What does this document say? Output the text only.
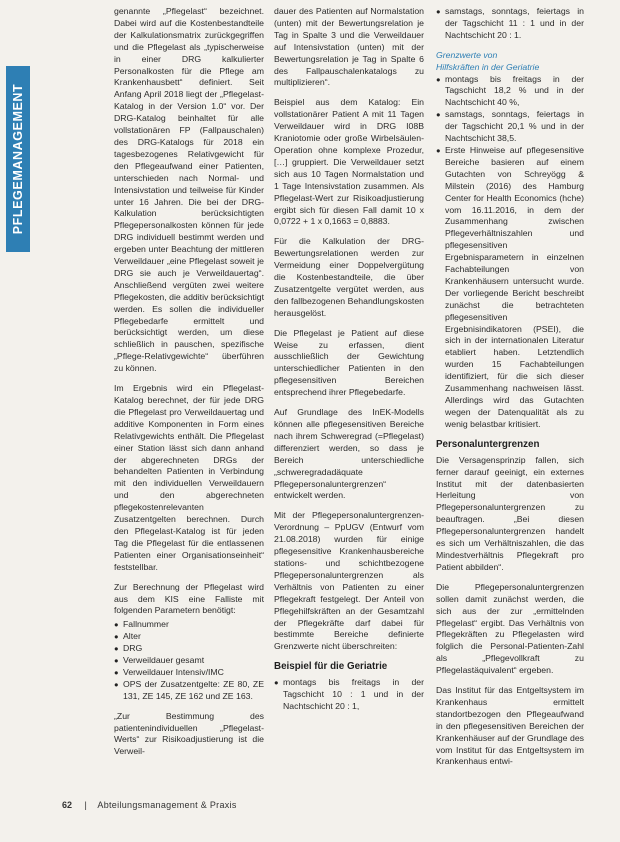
PFLEGEMANAGEMENT

genannte „Pflegelast“ bezeichnet. Dabei wird auf die Kostenbestandteile der Kalkulationsmatrix zurückgegriffen und die Pflegelast als „typischerweise in einer DRG kalkulierter Personalkosten für die Pflege am Krankenhausbett“ definiert. Seit Anfang April 2018 liegt der „Pflegelast-Katalog in der Version 1.0“ vor. Der DRG-Katalog beinhaltet für alle vollstationären FP (Fallpauschalen) des DRG-Katalogs für 2018 ein tagesbezogenes Relativgewicht für den Pflegeaufwand einer Patienten, unterschieden nach Normal- und Intensivstation und teilweise für Kinder unter 16 Jahren. Die bei der DRG-Kalkulation berücksichtigten Pflegepersonalkosten können für jede DRG individuell bestimmt werden und ergeben unter Beachtung der mittleren Verweildauer „eine Pflegelast soweit je DRG sie auch je Verweildauertag“. Anschließend vergüten zwei weitere Pflegekosten, die additiv berücksichtigt werden. Es sollen die individueller Pflegebedarfe ermittelt und berücksichtigt werden, um diese schließlich in pauschen, spezifische „Pflege-Relativgewichte“ überführen zu können.

Im Ergebnis wird ein Pflegelast-Katalog berechnet, der für jede DRG die Pflegelast pro Verweildauertag und additive Komponenten in Form eines Relativgewichts enthält. Die Pflegelast einer Station lässt sich dann anhand der abgerechneten DRGs der behandelten Patienten in Verbindung mit den individuellen Verweildauern und den abgerechneten pflegekostenrelevanten Zusatzentgelten berechnen. Durch den Pflegelast-Katalog ist für jeden Tag die Pflegelast für die entlassenen Patienten einer Organisationseinheit“ feststellbar.

Zur Berechnung der Pflegelast wird aus dem KIS eine Falliste mit folgenden Parametern benötigt:

● Fallnummer
● Alter
● DRG
● Verweildauer gesamt
● Verweildauer Intensiv/IMC
● OPS der Zusatzentgelte: ZE 80, ZE 131, ZE 145, ZE 162 und ZE 163.

„Zur Bestimmung des patientenindividuellen „Pflegelast-Werts“ zur Risikoadjustierung ist die Verweil-

dauer des Patienten auf Normalstation (unten) mit der Bewertungsrelation je Tag in Spalte 3 und die Verweildauer auf Intensivstation (unten) mit der Bewertungsrelation je Tag in Spalte 6 des Fallpauschalenkatalogs zu multiplizieren“.

Beispiel aus dem Katalog: Ein vollstationärer Patient A mit 11 Tagen Verweildauer wird in DRG I08B Kraniotomie oder große Wirbelsäulen-Operation ohne komplexe Prozedur, […] gruppiert. Die Verweildauer setzt sich aus 10 Tagen Normalstation und 1 Tage Intensivstation zusammen. Als Pflegelast-Wert zur Risikoadjustierung ergibt sich für diesen Fall damit 10 x 0,0722 + 1 x 0,1663 = 0,8883.

Für die Kalkulation der DRG-Bewertungsrelationen werden zur Vermeidung einer Doppelvergütung die Kostenbestandteile, die über Zusatzentgelte vergütet werden, aus den fallbezogenen Behandlungskosten herausgelöst.

Die Pflegelast je Patient auf diese Weise zu erfassen, dient ausschließlich der Gewichtung unterschiedlicher Patienten in den pflegesensitiven Bereichen entsprechend ihrer Pflegebedarfe.

Auf Grundlage des InEK-Modells können alle pflegesensitiven Bereiche nach ihrem Schweregrad (=Pflegelast) differenziert werden, so dass je Bereich unterschiedliche „schweregradadäquate Pflegepersonaluntergrenzen“ entwickelt werden.

Mit der Pflegepersonaluntergrenzen-Verordnung – PpUGV (Entwurf vom 21.08.2018) wurden für einige pflegesensitive Krankenhausbereiche stations- und schichtbezogene Pflegepersonaluntergrenzen als Verhältnis von Patienten zu einer Pflegekraft festgelegt. Der Anteil von Pflegehilfskräften an der Gesamtzahl der Pflegekräfte darf dabei für bestimmte Bereiche definierte Grenzwerte nicht überschreiten:

Beispiel für die Geriatrie
● montags bis freitags in der Tagschicht 10 : 1 und in der Nachtschicht 20 : 1,
● samstags, sonntags, feiertags in der Tagschicht 11 : 1 und in der Nachtschicht 20 : 1.

Grenzwerte von

Hilfskräften in der Geriatrie

● montags bis freitags in der Tagschicht 18,2 % und in der Nachtschicht 40 %,
● samstags, sonntags, feiertags in der Tagschicht 20,1 % und in der Nachtschicht 38,5.
● Erste Hinweise auf pflegesensitive Bereiche basieren auf einem Gutachten von Schreyögg & Milstein (2016) des Hamburg Center for Health Economics (hche) vom 16.11.2016, in dem der Zusammenhang zwischen Pflegeverhältniszahlen und pflegesensitiven Ergebnisparametern in einzelnen Fachabteilungen von Krankenhäusern untersucht wurde. Der vorliegende Bericht beschreibt zunächst die betrachteten pflegesensitiven Ergebnisindikatoren (PSEI), die sich in der internationalen Literatur etabliert haben. Letztendlich wurden 15 Fachabteilungen identifiziert, für die sich dieser Zusammenhang nachweisen lässt. Allerdings wird das Gutachten wegen der Datenqualität als zu wenig belastbar kritisiert.
Personaluntergrenzen

Die Versagensprinzip fallen, sich ferner darauf geeinigt, ein externes Institut mit der datenbasierten Herleitung von Pflegepersonaluntergrenzen zu beauftragen. „Bei diesen Pflegepersonaluntergrenzen handelt es sich um Verhältniszahlen, die das Mindestverhältnis Pflegekraft pro Patient abbilden“.

Die Pflegepersonaluntergrenzen sollen damit zunächst werden, die sich aus der zur „ermittelnden Pflegelast“ ergibt. Das Verhältnis von Pflegekräften zu Pflegelasten wird folglich die Personal-Patienten-Zahl als „Pflegevollkraft zu Pflegelastäquivalent“ ergeben.

Das Institut für das Entgeltsystem im Krankenhaus ermittelt standortbezogen den Pflegeaufwand in den pflegesensitiven Bereichen der Krankenhäuser auf der Grundlage des vom Institut für das Entgeltsystem im Krankenhaus entwi-

62 | Abteilungsmanagement & Praxis
